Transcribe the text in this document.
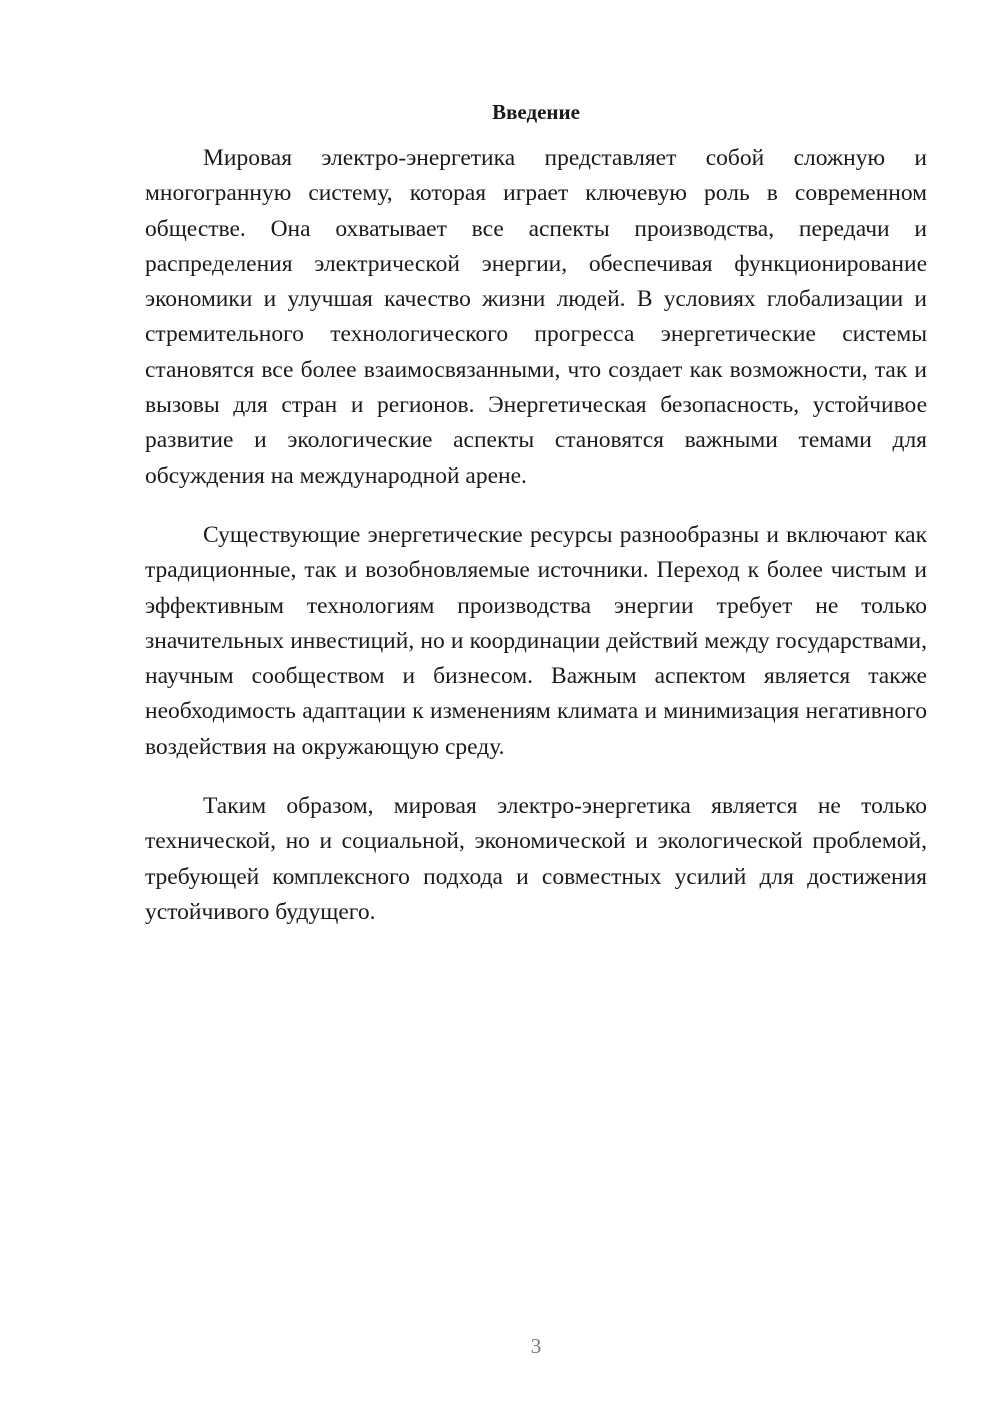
Введение

Мировая электро-энергетика представляет собой сложную и многогранную систему, которая играет ключевую роль в современном обществе. Она охватывает все аспекты производства, передачи и распределения электрической энергии, обеспечивая функционирование экономики и улучшая качество жизни людей. В условиях глобализации и стремительного технологического прогресса энергетические системы становятся все более взаимосвязанными, что создает как возможности, так и вызовы для стран и регионов. Энергетическая безопасность, устойчивое развитие и экологические аспекты становятся важными темами для обсуждения на международной арене.

Существующие энергетические ресурсы разнообразны и включают как традиционные, так и возобновляемые источники. Переход к более чистым и эффективным технологиям производства энергии требует не только значительных инвестиций, но и координации действий между государствами, научным сообществом и бизнесом. Важным аспектом является также необходимость адаптации к изменениям климата и минимизация негативного воздействия на окружающую среду.

Таким образом, мировая электро-энергетика является не только технической, но и социальной, экономической и экологической проблемой, требующей комплексного подхода и совместных усилий для достижения устойчивого будущего.

3
